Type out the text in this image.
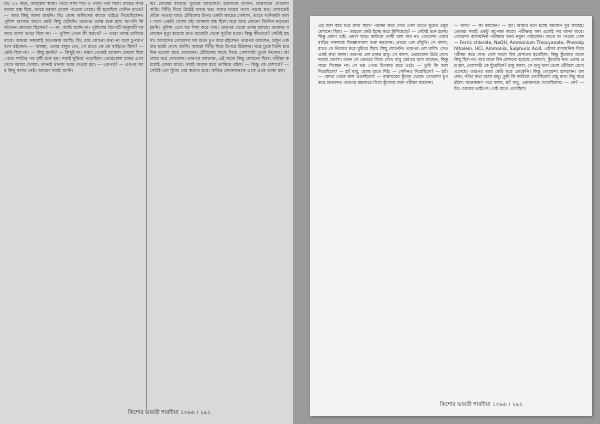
মিঃ ২৭ বছর, উজ্জ্বল স্বাস্থ্য। গায়ে সাদা শার্ট ও প্যান্ট পরা ছিল। বাড়ির সদর দরজা বন্ধ ছিল, অথচ দরজা খোলা পাওয়া গেছে। কী হয়েছিল সেদিন রাতে? — আর কিছু জানা যায়নি। মিঃ ঘোষ অফিসের কাজে বাইরে গিয়েছিলেন। পুলিশ আসার আগে কেউ কিছু ছোঁয়নি। তারপর তদন্ত শুরু হল। আপনি কি জানেন কোথায় ছিলেন? — না, আমি জানি না। পুলিশের রিপোর্ট অনুযায়ী দরজার তালা ভাঙা ছিল না। — পুলিশ এখন কী করবে? — তারা তদন্ত চালিয়ে যাবে। আমরা সকলেই অপেক্ষায় আছি। মিঃ রায় কোনো কথা না বলে চুপচাপ বসে রইলেন। — আচ্ছা, এবার বলুন তো, সে রাতে কে কে বাড়িতে ছিল? — কেউ ছিল না। — কিছু হয়নি? — কিছুই না। সন্ধ্যা থেকেই আকাশ মেঘলা ছিল। রাত দশটার পর বৃষ্টি শুরু হয়। সবাই ঘুমিয়ে পড়েছিল। ভোরবেলা চাকর এসে দেখে দরজা খোলা। তখনই থানায় খবর দেওয়া হয়। — এরপর? — এরপর আর কিছু বলার নেই। আমরা সবাই জানি।

মিঃ ঘোষের বাড়িটা পুরনো আমলের। চারদিকে বাগান, মাঝখানে দোতলা বাড়ি। সিঁড়ি দিয়ে উঠেই বসার ঘর। বসার ঘরের পাশে পড়ার ঘর। সেখানেই তাঁকে পাওয়া যায়। টেবিলের উপর একটা কাচের গেলাস, তাতে খানিকটা জল। পাশে একটা খোলা বই। জানলা বন্ধ ছিল। ঘরে আর কোনো জিনিস নড়ানো হয়নি। পুলিশ এসে ঘর সিল করে দেয়। তারপর থেকে তদন্ত চলছে। ডাক্তার বলেছেন মৃত্যু হয়েছে রাত বারোটা থেকে দুটোর মধ্যে। কিন্তু কীভাবে? সেটাই রহস্য। আমাদের গোয়েন্দা সব শুনে চুপ করে রইলেন। তারপর বললেন, চলুন একবার ঘরটা দেখে আসি। আমরা সিঁড়ি দিয়ে উপরে উঠলাম। ঘরে ঢুকে তিনি চারদিক ভালো করে দেখলেন। টেবিলের কাছে গিয়ে গেলাসটা তুলে নিলেন। আলোয় ধরে দেখলেন। তারপর বললেন, এই জলে কিছু মেশানো ছিল। পরীক্ষা করলেই বোঝা যাবে। সবাই অবাক হয়ে তাকিয়ে রইল। — কিন্তু কে মেশাবে? — সেটাই তো খুঁজে বের করতে হবে। বাড়ির লোকজনকে একে একে ডাকা হল।

কিশোর ভারতী শারদীয়া ১৩৯৬ । ২৯১

এই জল কার ঘরে রাখা ছিল? পরীক্ষা করে দেখা গেল তাতে ঘুমের ওষুধ মেশানো ছিল। — তাহলে কেউ ইচ্ছে করে মিশিয়েছে? — সেটাই মনে হচ্ছে। কিন্তু প্রমাণ চাই। প্রমাণ ছাড়া কাউকে দোষী বলা যায় না। গোয়েন্দা এবার বাড়ির সকলকে জিজ্ঞাসাবাদ শুরু করলেন। প্রথমে এল রাঁধুনি। সে বলল, রাতে সে নিজের ঘরে ঘুমিয়ে ছিল। কিছু শোনেনি। তারপর এল মালি। সেও একই কথা বলল। তারপর এল চাকর রামু। সে বলল, ভোরবেলা উঠে দেখে দরজা খোলা। তখন সে ভেতরে গিয়ে দেখে বাবু চেয়ারে বসে আছেন, কিন্তু সাড়া দিচ্ছেন না। সে ভয় পেয়ে চিৎকার করে ওঠে। — তুমি কি জল দিয়েছিলে? — হ্যাঁ বাবু, রোজ রাতে দিই। — সেদিনও দিয়েছিলে? — হ্যাঁ। — কোথা থেকে জল এনেছিলে? — রান্নাঘরের কুঁজো থেকে। গোয়েন্দা চুপ করে শুনলেন। তারপর রান্নাঘরে গিয়ে কুঁজোর জল পরীক্ষা করলেন।

— জল? — কী বলছেন? — হ্যাঁ। আমার মনে হচ্ছে সমাধান খুব কাছেই। তোমরা সবাই একটু অপেক্ষা করো। পরীক্ষার ফল এলেই সব জানা যাবে। গোয়েন্দা রাসায়নিক পরীক্ষার জন্য নমুনা পাঠালেন। তাতে যা পাওয়া গেল — Ferric chloride, NaOH, Ammonium Thiocyanate, Phenolphthalein, HCl, Ammonia, Sulphuric Acid. এইসব রাসায়নিক দিয়ে পরীক্ষা করে দেখা গেল জলে বিষ মেশানো হয়েছিল। কিন্তু কুঁজোর জলে কিছু ছিল না। তার মানে বিষ মেশানো হয়েছে গেলাসে, কুঁজোয় নয়। এবার প্রশ্ন হল, গেলাসটা কে ছুঁয়েছিল? রামু বলল, সে শুধু জল ঢেলে টেবিলে রেখে এসেছে। তারপর আর কেউ ঘরে ঢোকেনি। কিন্তু গোয়েন্দা হাসলেন। বললেন, সত্যি কথা বলো রামু। তুমি কি কাউকে দেখেছিলে? রামু মাথা নিচু করে রইল। অনেকক্ষণ পরে বলল, হ্যাঁ বাবু, একজনকে দেখেছিলাম। — কে? — মিঃ ঘোষের ভাইপো। সেই রাতে এসেছিল।

কিশোর ভারতী শারদীয়া ১৩৯৬ । ২৯২
